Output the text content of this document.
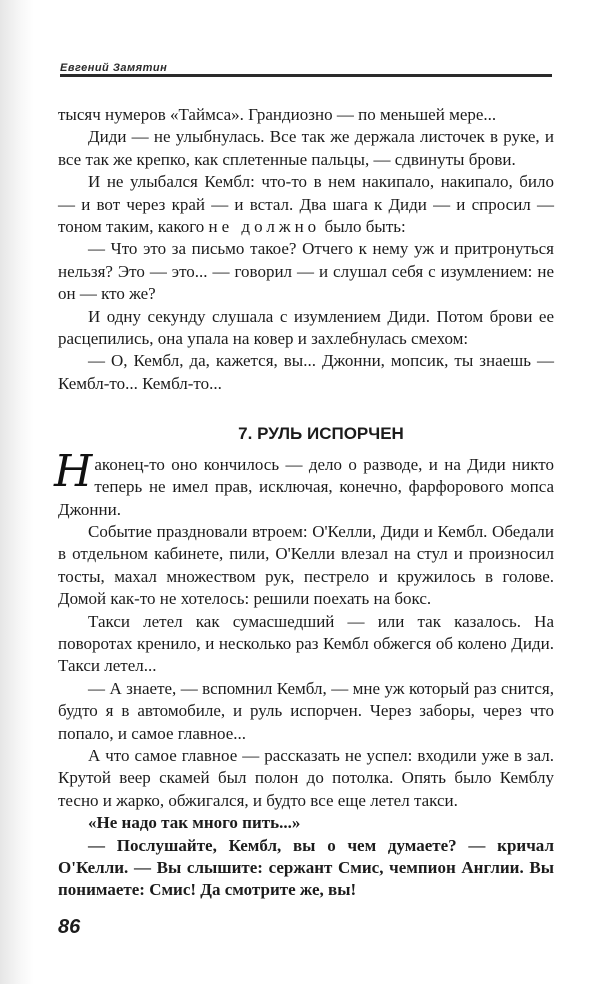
Евгений Замятин

тысяч нумеров «Таймса». Грандиозно — по меньшей мере...

Диди — не улыбнулась. Все так же держала листочек в руке, и все так же крепко, как сплетенные пальцы, — сдвинуты брови.

И не улыбался Кембл: что-то в нем накипало, накипало, било — и вот через край — и встал. Два шага к Диди — и спросил — тоном таким, какого не должно было быть:

— Что это за письмо такое? Отчего к нему уж и притронуться нельзя? Это — это... — говорил — и слушал себя с изумлением: не он — кто же?

И одну секунду слушала с изумлением Диди. Потом брови ее расцепились, она упала на ковер и захлебнулась смехом:

— О, Кембл, да, кажется, вы... Джонни, мопсик, ты знаешь — Кембл-то... Кембл-то...

7. РУЛЬ ИСПОРЧЕН

Наконец-то оно кончилось — дело о разводе, и на Диди никто теперь не имел прав, исключая, конечно, фарфорового мопса Джонни.

Событие праздновали втроем: О'Келли, Диди и Кембл. Обедали в отдельном кабинете, пили, О'Келли влезал на стул и произносил тосты, махал множеством рук, пестрело и кружилось в голове. Домой как-то не хотелось: решили поехать на бокс.

Такси летел как сумасшедший — или так казалось. На поворотах кренило, и несколько раз Кембл обжегся об колено Диди. Такси летел...

— А знаете, — вспомнил Кембл, — мне уж который раз снится, будто я в автомобиле, и руль испорчен. Через заборы, через что попало, и самое главное...

А что самое главное — рассказать не успел: входили уже в зал. Крутой веер скамей был полон до потолка. Опять было Кемблу тесно и жарко, обжигался, и будто все еще летел такси.

«Не надо так много пить...»

— Послушайте, Кембл, вы о чем думаете? — кричал О'Келли. — Вы слышите: сержант Смис, чемпион Англии. Вы понимаете: Смис! Да смотрите же, вы!

86
